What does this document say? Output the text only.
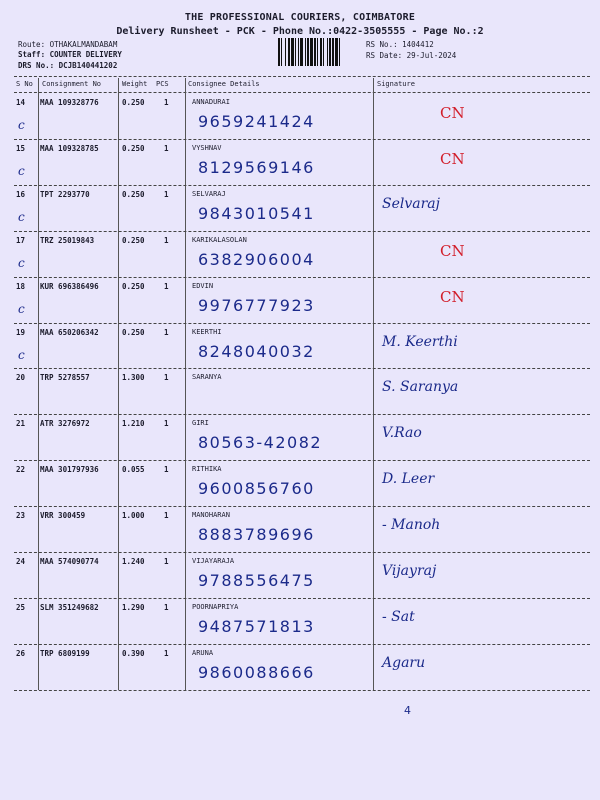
THE PROFESSIONAL COURIERS, COIMBATORE
Delivery Runsheet - PCK - Phone No.:0422-3505555 - Page No.:2
Route: OTHAKALMANDABAM
Staff: COUNTER DELIVERY
DRS No.: DCJB140441202
RS No.: 1404412
RS Date: 29-Jul-2024
S No Consignment No	Weight PCS	Consignee Details	Signature
14 MAA 109328776	0.250	1	ANNADURAI
9659241424	CN
c
15 MAA 109328785	0.250	1	VYSHNAV
8129569146	CN
c
16 TPT 2293770	0.250	1	SELVARAJ
9843010541	Selvaraj
c
17 TRZ 25019843	0.250	1	KARIKALASOLAN
6382906004	CN
c
18 KUR 696386496	0.250	1	EDVIN
9976777923	CN
c
19 MAA 650206342	0.250	1	KEERTHI
8248040032	M. Keerthi
c
20 TRP 5278557	1.300	1	SARANYA
S. Saranya
21 ATR 3276972	1.210	1	GIRI
80563-42082	V.Rao
22 MAA 301797936	0.055	1	RITHIKA
9600856760	D. Leer
23 VRR 300459	1.000	1	MANOHARAN
8883789696	- Manoh
24 MAA 574090774	1.240	1	VIJAYARAJA
9788556475	Vijayraj
25 SLM 351249682	1.290	1	POORNAPRIYA
9487571813	- Sat
26 TRP 6809199	0.390	1	ARUNA
9860088666	Agaru
4
